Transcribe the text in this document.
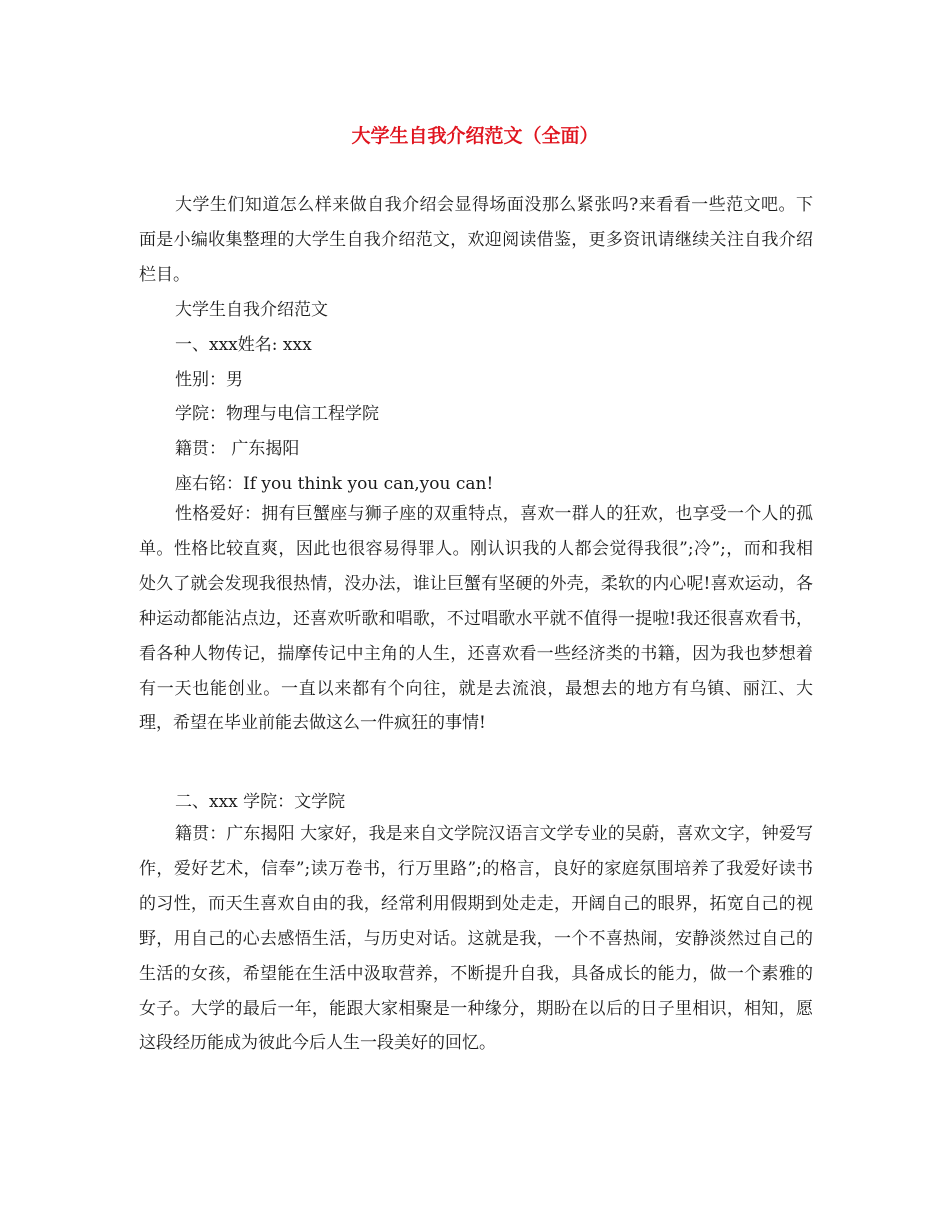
大学生自我介绍范文（全面）

大学生们知道怎么样来做自我介绍会显得场面没那么紧张吗?来看看一些范文吧。下面是小编收集整理的大学生自我介绍范文，欢迎阅读借鉴，更多资讯请继续关注自我介绍栏目。

大学生自我介绍范文
一、xxx姓名: xxx
性别：男
学院：物理与电信工程学院
籍贯： 广东揭阳
座右铭：If you think you can,you can!

性格爱好：拥有巨蟹座与狮子座的双重特点，喜欢一群人的狂欢，也享受一个人的孤单。性格比较直爽，因此也很容易得罪人。刚认识我的人都会觉得我很”;冷”;，而和我相处久了就会发现我很热情，没办法，谁让巨蟹有坚硬的外壳，柔软的内心呢!喜欢运动，各种运动都能沾点边，还喜欢听歌和唱歌，不过唱歌水平就不值得一提啦!我还很喜欢看书，看各种人物传记，揣摩传记中主角的人生，还喜欢看一些经济类的书籍，因为我也梦想着有一天也能创业。一直以来都有个向往，就是去流浪，最想去的地方有乌镇、丽江、大理，希望在毕业前能去做这么一件疯狂的事情!

二、xxx 学院：文学院

籍贯：广东揭阳 大家好，我是来自文学院汉语言文学专业的吴蔚，喜欢文字，钟爱写作，爱好艺术，信奉”;读万卷书，行万里路”;的格言，良好的家庭氛围培养了我爱好读书的习性，而天生喜欢自由的我，经常利用假期到处走走，开阔自己的眼界，拓宽自己的视野，用自己的心去感悟生活，与历史对话。这就是我，一个不喜热闹，安静淡然过自己的生活的女孩，希望能在生活中汲取营养，不断提升自我，具备成长的能力，做一个素雅的女子。大学的最后一年，能跟大家相聚是一种缘分，期盼在以后的日子里相识，相知，愿这段经历能成为彼此今后人生一段美好的回忆。
